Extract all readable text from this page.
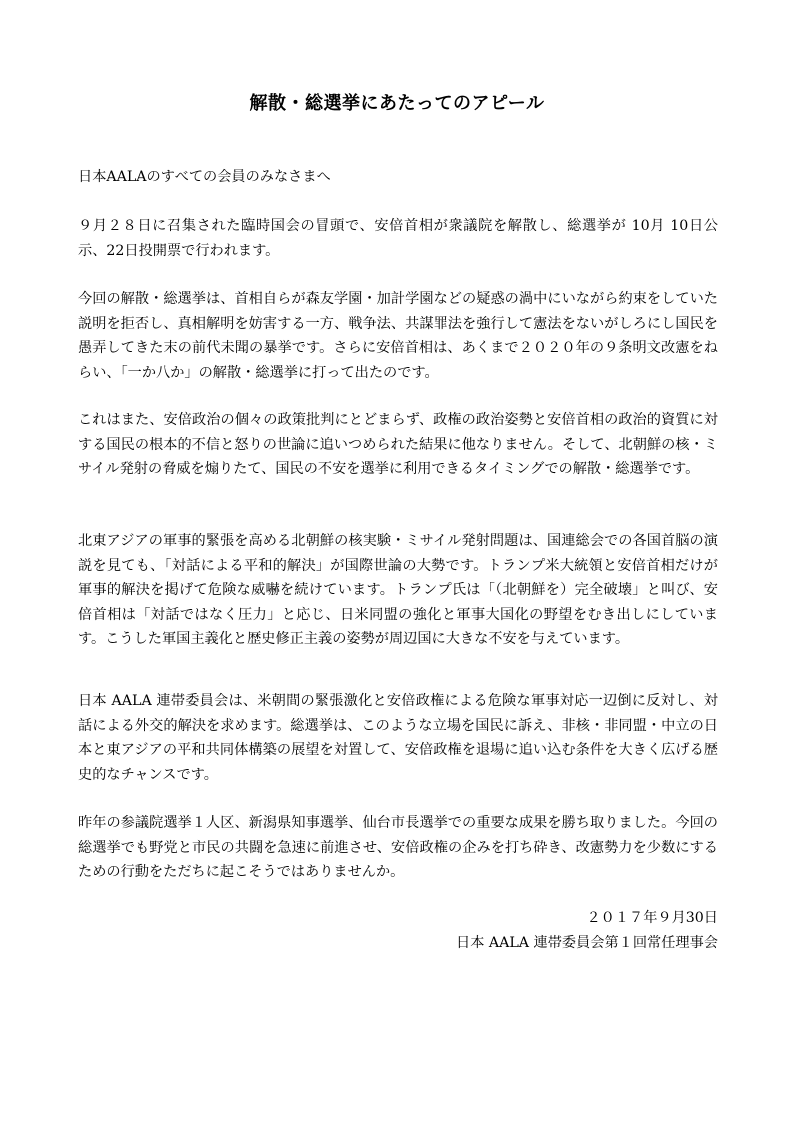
解散・総選挙にあたってのアピール

日本AALAのすべての会員のみなさまへ

９月２８日に召集された臨時国会の冒頭で、安倍首相が衆議院を解散し、総選挙が 10月 10日公示、22日投開票で行われます。

今回の解散・総選挙は、首相自らが森友学園・加計学園などの疑惑の渦中にいながら約束をしていた説明を拒否し、真相解明を妨害する一方、戦争法、共謀罪法を強行して憲法をないがしろにし国民を愚弄してきた末の前代未聞の暴挙です。さらに安倍首相は、あくまで２０２０年の９条明文改憲をねらい、「一か八か」の解散・総選挙に打って出たのです。

これはまた、安倍政治の個々の政策批判にとどまらず、政権の政治姿勢と安倍首相の政治的資質に対する国民の根本的不信と怒りの世論に追いつめられた結果に他なりません。そして、北朝鮮の核・ミサイル発射の脅威を煽りたて、国民の不安を選挙に利用できるタイミングでの解散・総選挙です。

北東アジアの軍事的緊張を高める北朝鮮の核実験・ミサイル発射問題は、国連総会での各国首脳の演説を見ても、「対話による平和的解決」が国際世論の大勢です。トランプ米大統領と安倍首相だけが軍事的解決を掲げて危険な威嚇を続けています。トランプ氏は「（北朝鮮を）完全破壊」と叫び、安倍首相は「対話ではなく圧力」と応じ、日米同盟の強化と軍事大国化の野望をむき出しにしています。こうした軍国主義化と歴史修正主義の姿勢が周辺国に大きな不安を与えています。

日本 AALA 連帯委員会は、米朝間の緊張激化と安倍政権による危険な軍事対応一辺倒に反対し、対話による外交的解決を求めます。総選挙は、このような立場を国民に訴え、非核・非同盟・中立の日本と東アジアの平和共同体構築の展望を対置して、安倍政権を退場に追い込む条件を大きく広げる歴史的なチャンスです。

昨年の参議院選挙１人区、新潟県知事選挙、仙台市長選挙での重要な成果を勝ち取りました。今回の総選挙でも野党と市民の共闘を急速に前進させ、安倍政権の企みを打ち砕き、改憲勢力を少数にするための行動をただちに起こそうではありませんか。

２０１７年９月30日
日本 AALA 連帯委員会第１回常任理事会
